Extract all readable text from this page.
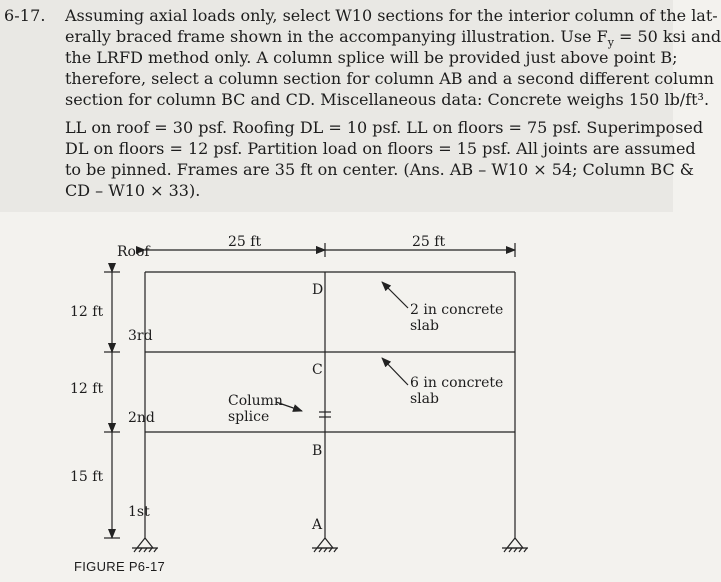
6-17. Assuming axial loads only, select W10 sections for the interior column of the lat-
erally braced frame shown in the accompanying illustration. Use $F_y = 50$ ksi and
the LRFD method only. A column splice will be provided just above point B;
therefore, select a column section for column AB and a second different column
section for column BC and CD. Miscellaneous data: Concrete weighs 150 lb/ft³.
LL on roof = 30 psf. Roofing DL = 10 psf. LL on floors = 75 psf. Superimposed
DL on floors = 12 psf. Partition load on floors = 15 psf. All joints are assumed
to be pinned. Frames are 35 ft on center. (Ans. AB – W10 × 54; Column BC &
CD – W10 × 33).
25 ft	25 ft
Roof
3rd
2nd
1st
12 ft
12 ft
15 ft
D
C
B
A
2 in concrete
slab
6 in concrete
slab
Column
splice
FIGURE P6-17
